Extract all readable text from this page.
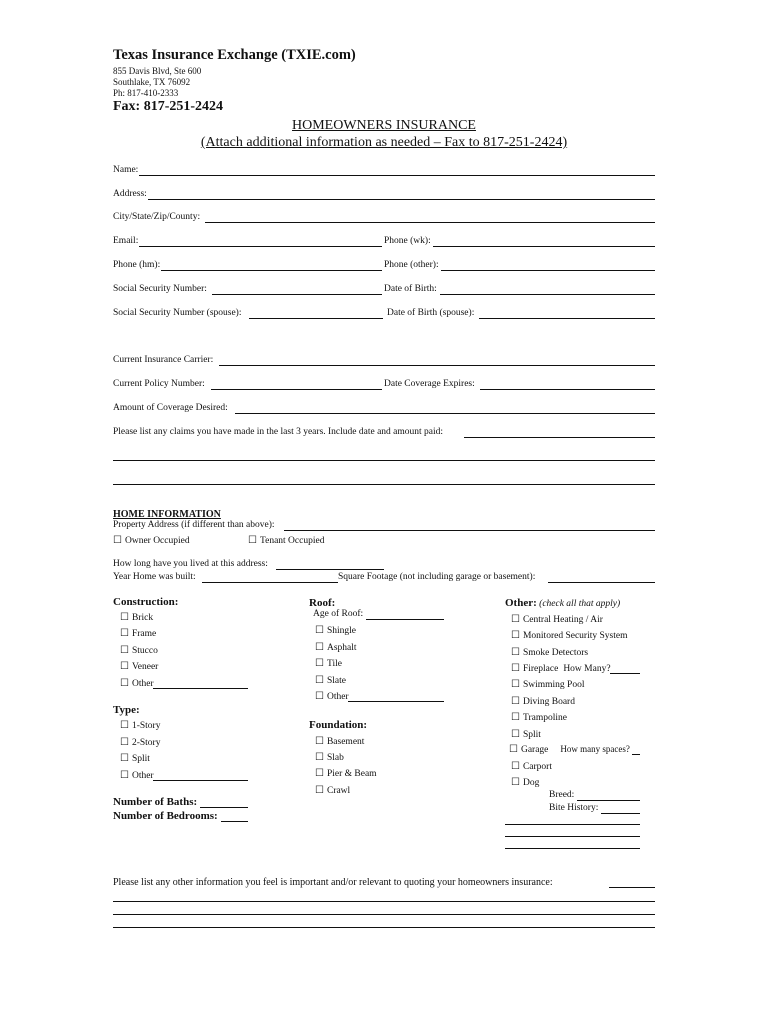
Texas Insurance Exchange (TXIE.com)
855 Davis Blvd, Ste 600
Southlake, TX 76092
Ph: 817-410-2333
Fax: 817-251-2424
HOMEOWNERS INSURANCE
(Attach additional information as needed – Fax to 817-251-2424)
Name:
Address:
City/State/Zip/County:
Email:	Phone (wk):
Phone (hm):	Phone (other):
Social Security Number:	Date of Birth:
Social Security Number (spouse):	Date of Birth (spouse):
Current Insurance Carrier:
Current Policy Number:	Date Coverage Expires:
Amount of Coverage Desired:
Please list any claims you have made in the last 3 years. Include date and amount paid:
HOME INFORMATION
Property Address (if different than above):
☐ Owner Occupied	☐ Tenant Occupied
How long have you lived at this address:
Year Home was built:	Square Footage (not including garage or basement):
Construction:
☐ Brick
☐ Frame
☐ Stucco
☐ Veneer
☐ Other
Type:
☐ 1-Story
☐ 2-Story
☐ Split
☐ Other
Number of Baths:
Number of Bedrooms:
Roof:
Age of Roof:
☐ Shingle
☐ Asphalt
☐ Tile
☐ Slate
☐ Other
Foundation:
☐ Basement
☐ Slab
☐ Pier & Beam
☐ Crawl
Other: (check all that apply)
☐ Central Heating / Air
☐ Monitored Security System
☐ Smoke Detectors
☐ Fireplace How Many?
☐ Swimming Pool
☐ Diving Board
☐ Trampoline
☐ Split
☐ Garage How many spaces?
☐ Carport
☐ Dog
Breed:
Bite History:
Please list any other information you feel is important and/or relevant to quoting your homeowners insurance:
